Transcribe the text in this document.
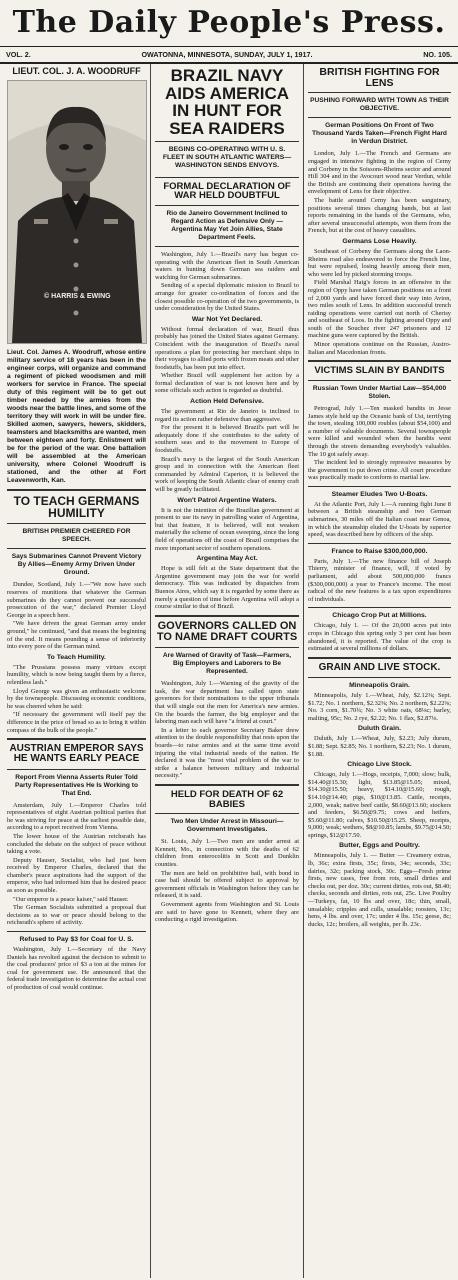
The Daily People's Press.
VOL. 2.	OWATONNA, MINNESOTA, SUNDAY, JULY 1, 1917.	NO. 105.
LIEUT. COL. J. A. WOODRUFF
© HARRIS & EWING
Lieut. Col. James A. Woodruff, whose entire military service of 18 years has been in the engineer corps, will organize and command a regiment of picked woodsmen and mill workers for service in France. The special duty of this regiment will be to get out timber needed by the armies from the woods near the battle lines, and some of the territory they will work in will be under fire. Skilled axmen, sawyers, hewers, skidders, teamsters and blacksmiths are wanted, men between eighteen and forty. Enlistment will be for the period of the war. One battalion will be assembled at the American university, where Colonel Woodruff is stationed, and the other at Fort Leavenworth, Kan.
TO TEACH GERMANS HUMILITY
BRITISH PREMIER CHEERED FOR SPEECH.
Says Submarines Cannot Prevent Victory By Allies—Enemy Army Driven Under Ground.

Dundee, Scotland, July 1.—"We now have such reserves of munitions that whatever the German submarines do they cannot prevent our successful prosecution of the war," declared Premier Lloyd George in a speech here.

"We have driven the great German army under ground," he continued, "and that means the beginning of the end. It means pounding a sense of inferiority into every pore of the German mind.

To Teach Humility.

"The Prussians possess many virtues except humility, which is now being taught them by a fierce, relentless lash."

Lloyd George was given an enthusiastic welcome by the townspeople. Discussing economic conditions, he was cheered when he said:

"If necessary the government will itself pay the difference in the price of bread so as to bring it within compass of the bulk of the people."

AUSTRIAN EMPEROR SAYS HE WANTS EARLY PEACE
Report From Vienna Asserts Ruler Told Party Representatives He Is Working to That End.

Amsterdam, July 1.—Emperor Charles told representatives of eight Austrian political parties that he was striving for peace at the earliest possible date, according to a report received from Vienna.

The lower house of the Austrian reichsrath has concluded the debate on the subject of peace without taking a vote.

Deputy Hauser, Socialist, who had just been received by Emperor Charles, declared that the chamber's peace aspirations had the support of the emperor, who had informed him that he desired peace as soon as possible.

"Our emperor is a peace kaiser," said Hauser.

The German Socialists submitted a proposal that decisions as to war or peace should belong to the reichsrath's sphere of activity.

Refused to Pay $3 for Coal for U. S.

Washington, July 1.—Secretary of the Navy Daniels has revolted against the decision to submit to the coal producers' price of $3 a ton at the mines for coal for government use. He announced that the federal trade investigation to determine the actual cost of production of coal would continue.

BRAZIL NAVY AIDS AMERICA IN HUNT FOR SEA RAIDERS
BEGINS CO-OPERATING WITH U. S. FLEET IN SOUTH ATLANTIC WATERS—WASHINGTON SENDS ENVOYS.
FORMAL DECLARATION OF WAR HELD DOUBTFUL
Rio de Janeiro Government Inclined to Regard Action as Defensive Only —Argentina May Yet Join Allies, State Department Feels.

Washington, July 1.—Brazil's navy has begun co-operating with the American fleet in South American waters in hunting down German sea raiders and watching for German submarines.

Sending of a special diplomatic mission to Brazil to arrange for greater co-ordination of forces and the closest possible co-operation of the two governments, is under consideration by the United States.

War Not Yet Declared.

Without formal declaration of war, Brazil thus probably has joined the United States against Germany. Coincident with the inauguration of Brazil's naval operations a plan for protecting her merchant ships in their voyages to allied ports with frozen meats and other foodstuffs, has been put into effect.

Whether Brazil will supplement her action by a formal declaration of war is not known here and by some officials such action is regarded as doubtful.

Action Held Defensive.

The government at Rio de Janeiro is inclined to regard its action rather defensive than aggressive.

For the present it is believed Brazil's part will be adequately done if she contributes to the safety of southern seas and to the movement to Europe of foodstuffs.

Brazil's navy is the largest of the South American group and in connection with the American fleet commanded by Admiral Caperton, it is believed the work of keeping the South Atlantic clear of enemy craft will be greatly facilitated.

Won't Patrol Argentine Waters.

It is not the intention of the Brazilian government at present to use its navy in patrolling water of Argentina, but that feature, it is believed, will not weaken materially the scheme of ocean sweeping, since the long field of operations off the coast of Brazil comprises the more important sector of southern operations.

Argentina May Act.

Hope is still felt at the State department that the Argentine government may join the war for world democracy. This was indicated by dispatches from Buenos Aires, which say it is regarded by some there as merely a question of time before Argentina will adopt a course similar to that of Brazil.

GOVERNORS CALLED ON TO NAME DRAFT COURTS
Are Warned of Gravity of Task—Farmers, Big Employers and Laborers to Be Represented.

Washington, July 1.—Warning of the gravity of the task, the war department has called upon state governors for their nominations to the upper tribunals that will single out the men for America's new armies. On the boards the farmer, the big employer and the laboring man each will have "a friend at court."

In a letter to each governor Secretary Baker drew attention to the double responsibility that rests upon the boards—to raise armies and at the same time avoid injuring the vital industrial needs of the nation. He declared it was the "most vital problem of the war to strike a balance between military and industrial necessity."

HELD FOR DEATH OF 62 BABIES
Two Men Under Arrest in Missouri—Government Investigates.

St. Louis, July 1.—Two men are under arrest at Kennett, Mo., in connection with the deaths of 62 children from enterocolitis in Scott and Dunklin counties.

The men are held on prohibitive bail, with bond in case bail should be offered subject to approval by government officials in Washington before they can be released, it is said.

Government agents from Washington and St. Louis are said to have gone to Kennett, where they are conducting a rigid investigation.

BRITISH FIGHTING FOR LENS
PUSHING FORWARD WITH TOWN AS THEIR OBJECTIVE.
German Positions On Front of Two Thousand Yards Taken—French Fight Hard in Verdun District.

London, July 1.—The French and Germans are engaged in intensive fighting in the region of Cerny and Corbeny in the Soissons-Rheims sector and around Hill 304 and in the Avocourt wood near Verdun, while the British are continuing their operations having the envelopment of Lens for their objective.

The battle around Cerny has been sanguinary, positions several times changing hands, but at last reports remaining in the hands of the Germans, who, after several unsuccessful attempts, won them from the French, but at the cost of heavy casualties.

Germans Lose Heavily.

Southeast of Corbeny the Germans along the Laon-Rheims road also endeavored to force the French line, but were repulsed, losing heavily among their men, who were led by picked storming troops.

Field Marshal Haig's forces in an offensive in the region of Oppy have taken German positions on a front of 2,000 yards and have forced their way into Avion, two miles south of Lens. In addition successful trench raiding operations were carried out north of Cherisy and southeast of Loos. In the fighting around Oppy and south of the Souchez river 247 prisoners and 12 machine guns were captured by the British.

Minor operations continue on the Russian, Austro-Italian and Macedonian fronts.

VICTIMS SLAIN BY BANDITS
Russian Town Under Martial Law—$54,000 Stolen.

Petrograd, July 1.—Ten masked bandits in Jesse James style held up the Oceanic bank of Ust, terrifying the town, stealing 100,000 roubles (about $54,100) and a number of valuable documents. Several townspeople were killed and wounded when the bandits went through the streets demanding everybody's valuables. The 10 got safely away.

The incident led to strongly repressive measures by the government to put down crime. All court procedure was practically made to conform to martial law.

Steamer Eludes Two U-Boats.

At the Atlantic Port, July 1.—A running fight June 8 between a British steamship and two German submarines, 30 miles off the Italian coast near Genoa, in which the steamship eluded the U-boats by superior speed, was described here by officers of the ship.

France to Raise $300,000,000.

Paris, July 1.—The new finance bill of Joseph Thierry, minister of finance, will, if voted by parliament, add about 500,000,000 francs ($300,000,000) a year to France's income. The most radical of the new features is a tax upon expenditures of individuals.

Chicago Crop Put at Millions.

Chicago, July 1. — Of the 20,000 acres put into crops in Chicago this spring only 3 per cent has been abandoned, it is reported. The value of the crop is estimated at several millions of dollars.

GRAIN AND LIVE STOCK.
Minneapolis Grain.

Minneapolis, July 1.—Wheat, July, $2.12⅜; Sept. $1.72; No. 1 northern, $2.32⅜; No. 2 northern, $2.22⅜; No. 3 corn, $1.70¾; No. 3 white oats, 68⅛c; barley, malting, 95c; No. 2 rye, $2.22; No. 1 flax, $2.87⅛.

Duluth Grain.

Duluth, July 1.—Wheat, July, $2.23; July durum, $1.88; Sept. $2.85; No. 1 northern, $2.23; No. 1 durum, $1.88.

Chicago Live Stock.

Chicago, July 1.—Hogs, receipts, 7,000; slow; bulk, $14.40@15.30; light, $13.85@15.05; mixed, $14.30@15.50; heavy, $14.10@15.60; rough, $14.10@14.40; pigs, $10@13.85. Cattle, receipts, 2,000, weak; native beef cattle, $8.60@13.60; stockers and feeders, $6.50@9.75; cows and heifers, $5.60@11.80; calves, $10.50@15.25. Sheep, receipts, 9,000; weak; wethers, $8@10.85; lambs, $9.75@14.50; springs, $12@17.50.

Butter, Eggs and Poultry.

Minneapolis, July 1. — Butter — Creamery extras, lb, 36c; extra firsts, 35c; firsts, 34c; seconds, 33c; dairies, 32c; packing stock, 30c. Eggs—Fresh prime firsts, new cases, free from rots, small dirties and checks out, per doz. 30c; current dirties, rots out, $8.40; checks, seconds and dirties, rots out, 25c. Live Poultry—Turkeys, fat, 10 lbs and over, 18c; thin, small, unsalable; cripples and culls, unsalable; roosters, 13c; hens, 4 lbs. and over, 17c; under 4 lbs. 15c; geese, 8c; ducks, 12c; broilers, all weights, per lb. 23c.
